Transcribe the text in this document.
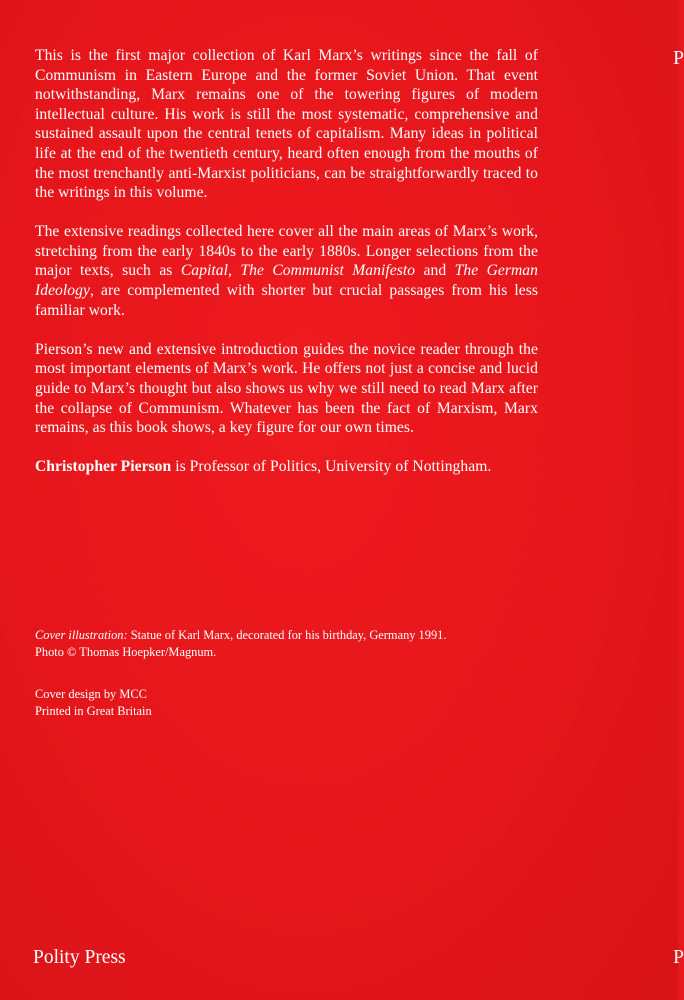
This is the first major collection of Karl Marx’s writings since the fall of Communism in Eastern Europe and the former Soviet Union. That event notwithstanding, Marx remains one of the towering figures of modern intellectual culture. His work is still the most systematic, comprehensive and sustained assault upon the central tenets of capitalism. Many ideas in political life at the end of the twentieth century, heard often enough from the mouths of the most trenchantly anti-Marxist politicians, can be straightforwardly traced to the writings in this volume.

The extensive readings collected here cover all the main areas of Marx’s work, stretching from the early 1840s to the early 1880s. Longer selections from the major texts, such as Capital, The Communist Manifesto and The German Ideology, are complemented with shorter but crucial passages from his less familiar work.

Pierson’s new and extensive introduction guides the novice reader through the most important elements of Marx’s work. He offers not just a concise and lucid guide to Marx’s thought but also shows us why we still need to read Marx after the collapse of Communism. Whatever has been the fact of Marxism, Marx remains, as this book shows, a key figure for our own times.

Christopher Pierson is Professor of Politics, University of Nottingham.

Cover illustration: Statue of Karl Marx, decorated for his birthday, Germany 1991.
Photo © Thomas Hoepker/Magnum.
Cover design by MCC
Printed in Great Britain
Polity Press
P
P
